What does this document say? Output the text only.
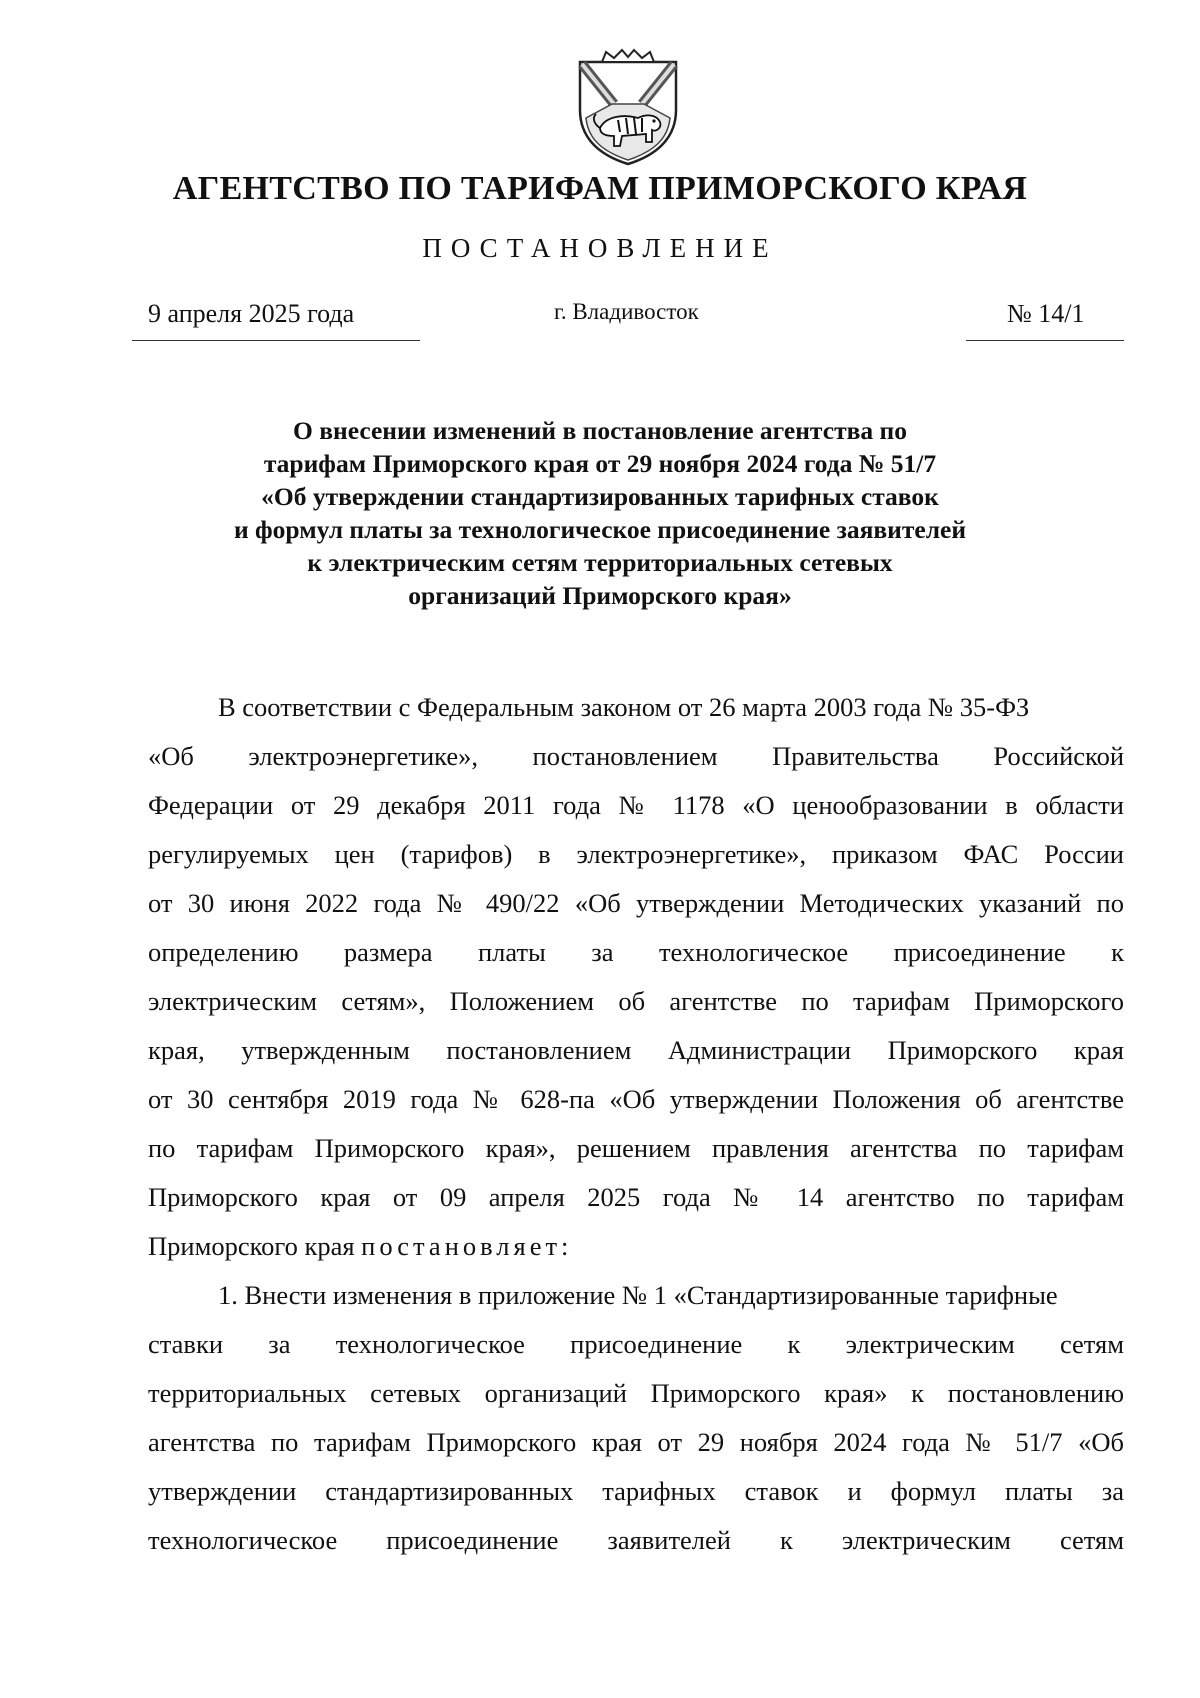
АГЕНТСТВО ПО ТАРИФАМ ПРИМОРСКОГО КРАЯ
ПОСТАНОВЛЕНИЕ
9 апреля 2025 года	г. Владивосток	№ 14/1
О внесении изменений в постановление агентства по
тарифам Приморского края от 29 ноября 2024 года № 51/7
«Об утверждении стандартизированных тарифных ставок
и формул платы за технологическое присоединение заявителей
к электрическим сетям территориальных сетевых
организаций Приморского края»
В соответствии с Федеральным законом от 26 марта 2003 года № 35-ФЗ
«Об электроэнергетике», постановлением Правительства Российской
Федерации от 29 декабря 2011 года № 1178 «О ценообразовании в области
регулируемых цен (тарифов) в электроэнергетике», приказом ФАС России
от 30 июня 2022 года № 490/22 «Об утверждении Методических указаний по
определению размера платы за технологическое присоединение к
электрическим сетям», Положением об агентстве по тарифам Приморского
края, утвержденным постановлением Администрации Приморского края
от 30 сентября 2019 года № 628-па «Об утверждении Положения об агентстве
по тарифам Приморского края», решением правления агентства по тарифам
Приморского края от 09 апреля 2025 года № 14 агентство по тарифам
Приморского края постановляет:
1. Внести изменения в приложение № 1 «Стандартизированные тарифные
ставки за технологическое присоединение к электрическим сетям
территориальных сетевых организаций Приморского края» к постановлению
агентства по тарифам Приморского края от 29 ноября 2024 года № 51/7 «Об
утверждении стандартизированных тарифных ставок и формул платы за
технологическое присоединение заявителей к электрическим сетям
